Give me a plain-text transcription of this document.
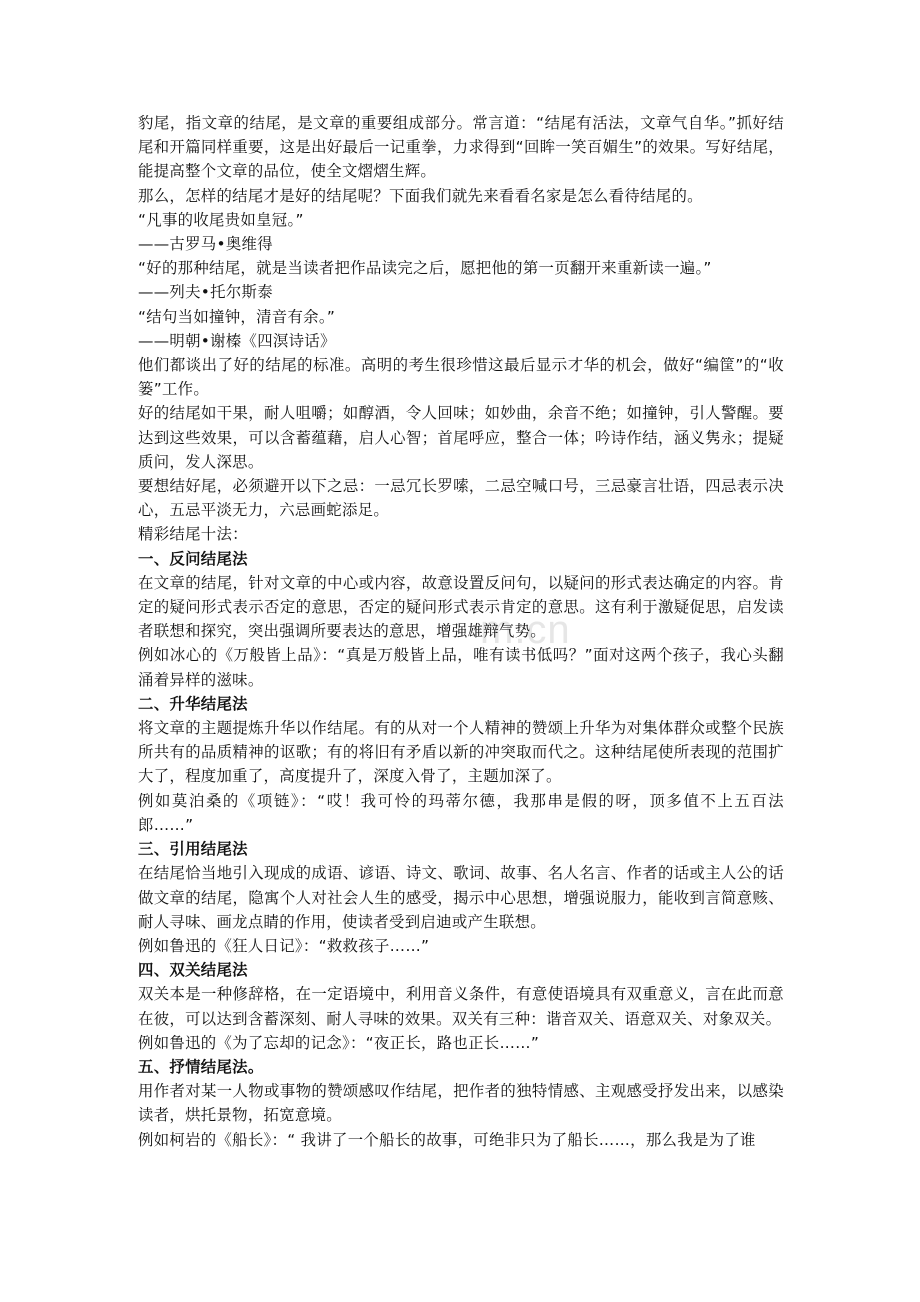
m.cn

豹尾，指文章的结尾，是文章的重要组成部分。常言道：“结尾有活法，文章气自华。”抓好结尾和开篇同样重要，这是出好最后一记重拳，力求得到“回眸一笑百媚生”的效果。写好结尾，能提高整个文章的品位，使全文熠熠生辉。

那么，怎样的结尾才是好的结尾呢？下面我们就先来看看名家是怎么看待结尾的。

“凡事的收尾贵如皇冠。”

——古罗马•奥维得

“好的那种结尾，就是当读者把作品读完之后，愿把他的第一页翻开来重新读一遍。”

——列夫•托尔斯泰

“结句当如撞钟，清音有余。”

——明朝•谢榛《四溟诗话》

他们都谈出了好的结尾的标准。高明的考生很珍惜这最后显示才华的机会，做好“编筐”的“收篓”工作。

好的结尾如干果，耐人咀嚼；如醇酒，令人回味；如妙曲，余音不绝；如撞钟，引人警醒。要达到这些效果，可以含蓄蕴藉，启人心智；首尾呼应，整合一体；吟诗作结，涵义隽永；提疑质问，发人深思。

要想结好尾，必须避开以下之忌：一忌冗长罗嗦，二忌空喊口号，三忌豪言壮语，四忌表示决心，五忌平淡无力，六忌画蛇添足。

精彩结尾十法：

一、反问结尾法

在文章的结尾，针对文章的中心或内容，故意设置反问句，以疑问的形式表达确定的内容。肯定的疑问形式表示否定的意思，否定的疑问形式表示肯定的意思。这有利于激疑促思，启发读者联想和探究，突出强调所要表达的意思，增强雄辩气势。

例如冰心的《万般皆上品》：“真是万般皆上品，唯有读书低吗？”面对这两个孩子，我心头翻涌着异样的滋味。

二、升华结尾法

将文章的主题提炼升华以作结尾。有的从对一个人精神的赞颂上升华为对集体群众或整个民族所共有的品质精神的讴歌；有的将旧有矛盾以新的冲突取而代之。这种结尾使所表现的范围扩大了，程度加重了，高度提升了，深度入骨了，主题加深了。

例如莫泊桑的《项链》：“哎！我可怜的玛蒂尔德，我那串是假的呀，顶多值不上五百法郎……”

三、引用结尾法

在结尾恰当地引入现成的成语、谚语、诗文、歌词、故事、名人名言、作者的话或主人公的话做文章的结尾，隐寓个人对社会人生的感受，揭示中心思想，增强说服力，能收到言简意赅、耐人寻味、画龙点睛的作用，使读者受到启迪或产生联想。

例如鲁迅的《狂人日记》：“救救孩子……”

四、双关结尾法

双关本是一种修辞格，在一定语境中，利用音义条件，有意使语境具有双重意义，言在此而意在彼，可以达到含蓄深刻、耐人寻味的效果。双关有三种：谐音双关、语意双关、对象双关。

例如鲁迅的《为了忘却的记念》：“夜正长，路也正长……”

五、抒情结尾法。

用作者对某一人物或事物的赞颂感叹作结尾，把作者的独特情感、主观感受抒发出来，以感染读者，烘托景物，拓宽意境。

例如柯岩的《船长》：“ 我讲了一个船长的故事，可绝非只为了船长……，那么我是为了谁
